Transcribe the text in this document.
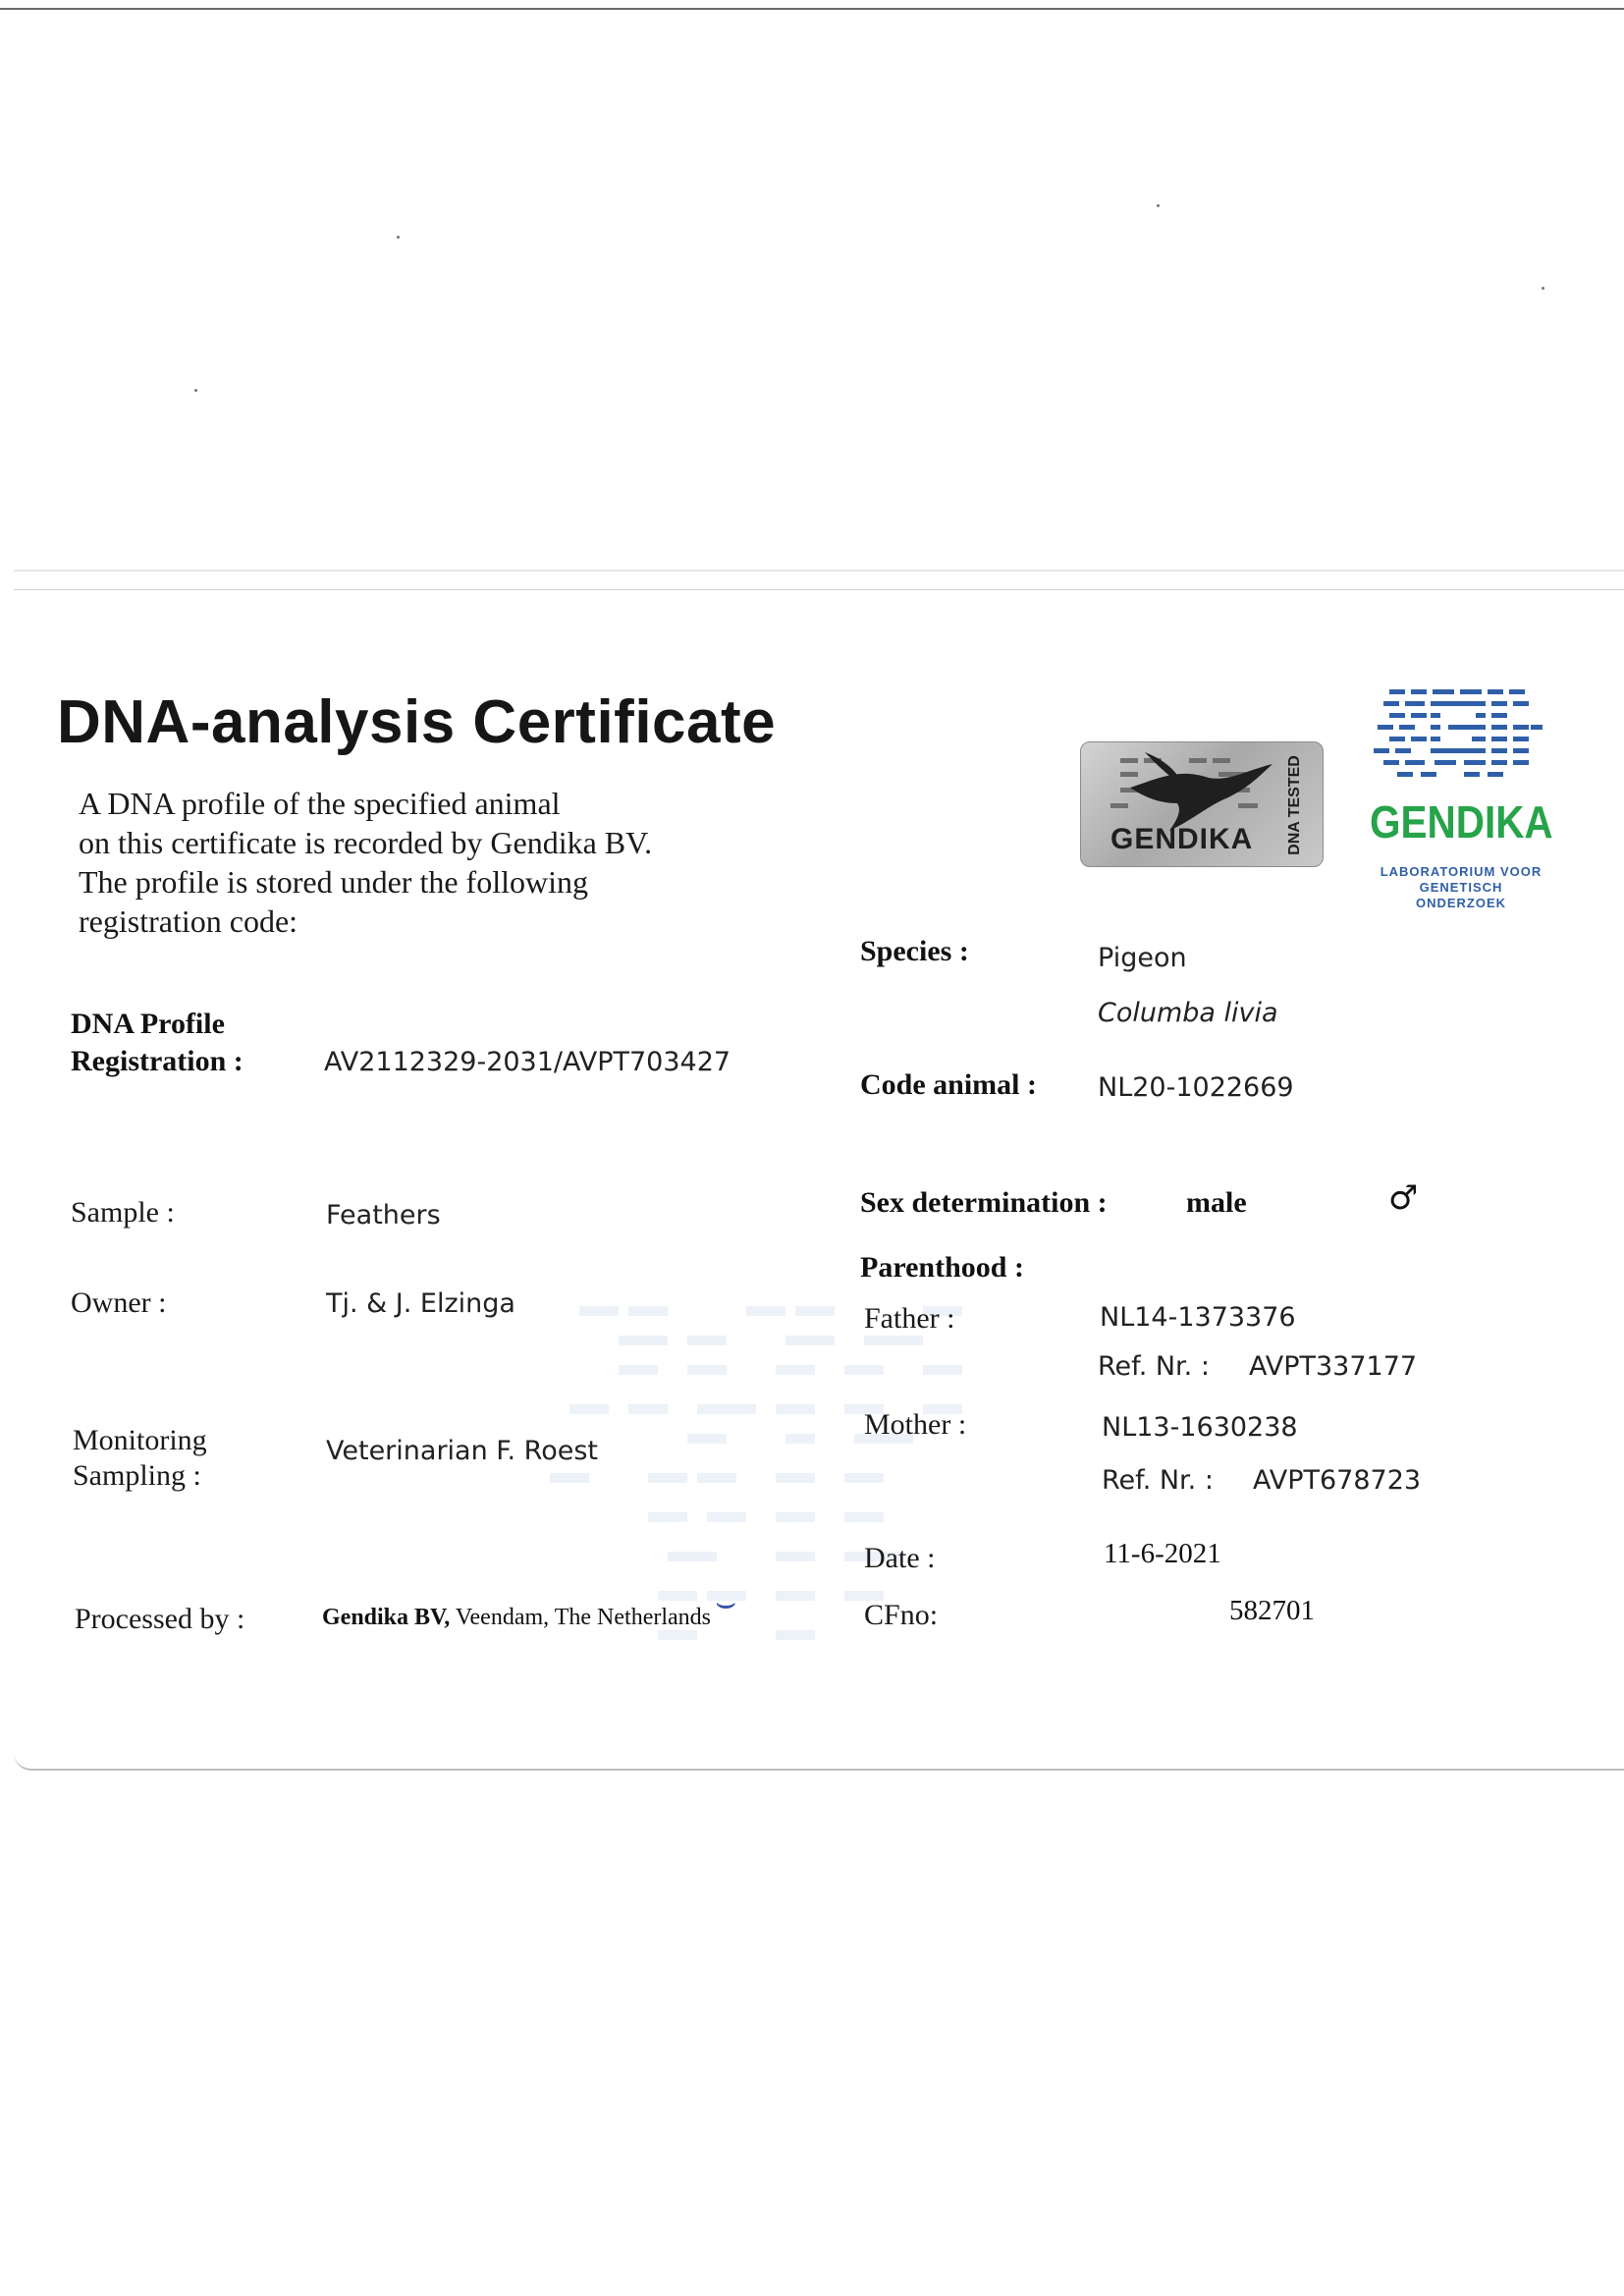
DNA-analysis Certificate
A DNA profile of the specified animal
on this certificate is recorded by Gendika BV.
The profile is stored under the following
registration code:
GENDIKA DNA TESTED GENDIKA
LABORATORIUM VOOR
GENETISCH ONDERZOEK
DNA Profile
Registration :	AV2112329-2031/AVPT703427
Sample :	Feathers
Owner :	Tj. & J. Elzinga
Monitoring
Sampling :
Veterinarian F. Roest
Processed by :	Gendika BV, Veendam, The Netherlands ⌣
Species :	Pigeon
Columba livia
Code animal : NL20-1022669
Sex determination :	male	♂
Parenthood :
Father :	NL14-1373376
Ref. Nr. : AVPT337177
Mother :	NL13-1630238
Ref. Nr. : AVPT678723
Date :	11-6-2021
CFno:	582701
